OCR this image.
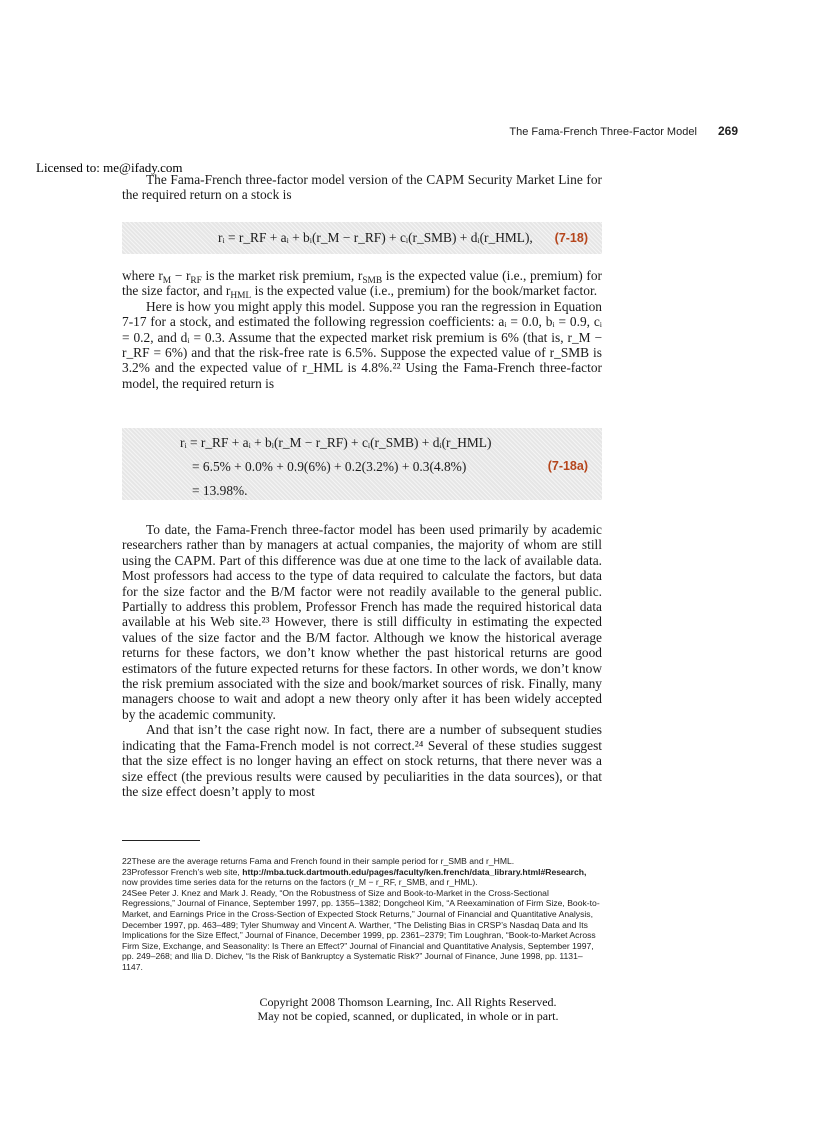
The Fama-French Three-Factor Model 269
Licensed to: me@ifady.com

The Fama-French three-factor model version of the CAPM Security Market Line for the required return on a stock is

rᵢ = r_RF + aᵢ + bᵢ(r_M − r_RF) + cᵢ(r_SMB) + dᵢ(r_HML), (7-18)

where $r_M - r_{RF}$ is the market risk premium, $r_{SMB}$ is the expected value (i.e., premium) for the size factor, and $r_{HML}$ is the expected value (i.e., premium) for the book/market factor.

Here is how you might apply this model. Suppose you ran the regression in Equation 7-17 for a stock, and estimated the following regression coefficients: aᵢ = 0.0, bᵢ = 0.9, cᵢ = 0.2, and dᵢ = 0.3. Assume that the expected market risk premium is 6% (that is, r_M − r_RF = 6%) and that the risk-free rate is 6.5%. Suppose the expected value of r_SMB is 3.2% and the expected value of r_HML is 4.8%.²² Using the Fama-French three-factor model, the required return is

rᵢ = r_RF + aᵢ + bᵢ(r_M − r_RF) + cᵢ(r_SMB) + dᵢ(r_HML)
= 6.5% + 0.0% + 0.9(6%) + 0.2(3.2%) + 0.3(4.8%)
= 13.98%.
(7-18a)

To date, the Fama-French three-factor model has been used primarily by academic researchers rather than by managers at actual companies, the majority of whom are still using the CAPM. Part of this difference was due at one time to the lack of available data. Most professors had access to the type of data required to calculate the factors, but data for the size factor and the B/M factor were not readily available to the general public. Partially to address this problem, Professor French has made the required historical data available at his Web site.²³ However, there is still difficulty in estimating the expected values of the size factor and the B/M factor. Although we know the historical average returns for these factors, we don’t know whether the past historical returns are good estimators of the future expected returns for these factors. In other words, we don’t know the risk premium associated with the size and book/market sources of risk. Finally, many managers choose to wait and adopt a new theory only after it has been widely accepted by the academic community.

And that isn’t the case right now. In fact, there are a number of subsequent studies indicating that the Fama-French model is not correct.²⁴ Several of these studies suggest that the size effect is no longer having an effect on stock returns, that there never was a size effect (the previous results were caused by peculiarities in the data sources), or that the size effect doesn’t apply to most

22These are the average returns Fama and French found in their sample period for r_SMB and r_HML.

23Professor French’s web site, http://mba.tuck.dartmouth.edu/pages/faculty/ken.french/data_library.html#Research, now provides time series data for the returns on the factors (r_M − r_RF, r_SMB, and r_HML).

24See Peter J. Knez and Mark J. Ready, “On the Robustness of Size and Book-to-Market in the Cross-Sectional Regressions,” Journal of Finance, September 1997, pp. 1355–1382; Dongcheol Kim, “A Reexamination of Firm Size, Book-to-Market, and Earnings Price in the Cross-Section of Expected Stock Returns,” Journal of Financial and Quantitative Analysis, December 1997, pp. 463–489; Tyler Shumway and Vincent A. Warther, “The Delisting Bias in CRSP’s Nasdaq Data and Its Implications for the Size Effect,” Journal of Finance, December 1999, pp. 2361–2379; Tim Loughran, “Book-to-Market Across Firm Size, Exchange, and Seasonality: Is There an Effect?” Journal of Financial and Quantitative Analysis, September 1997, pp. 249–268; and Ilia D. Dichev, “Is the Risk of Bankruptcy a Systematic Risk?” Journal of Finance, June 1998, pp. 1131–1147.

Copyright 2008 Thomson Learning, Inc. All Rights Reserved.
May not be copied, scanned, or duplicated, in whole or in part.
